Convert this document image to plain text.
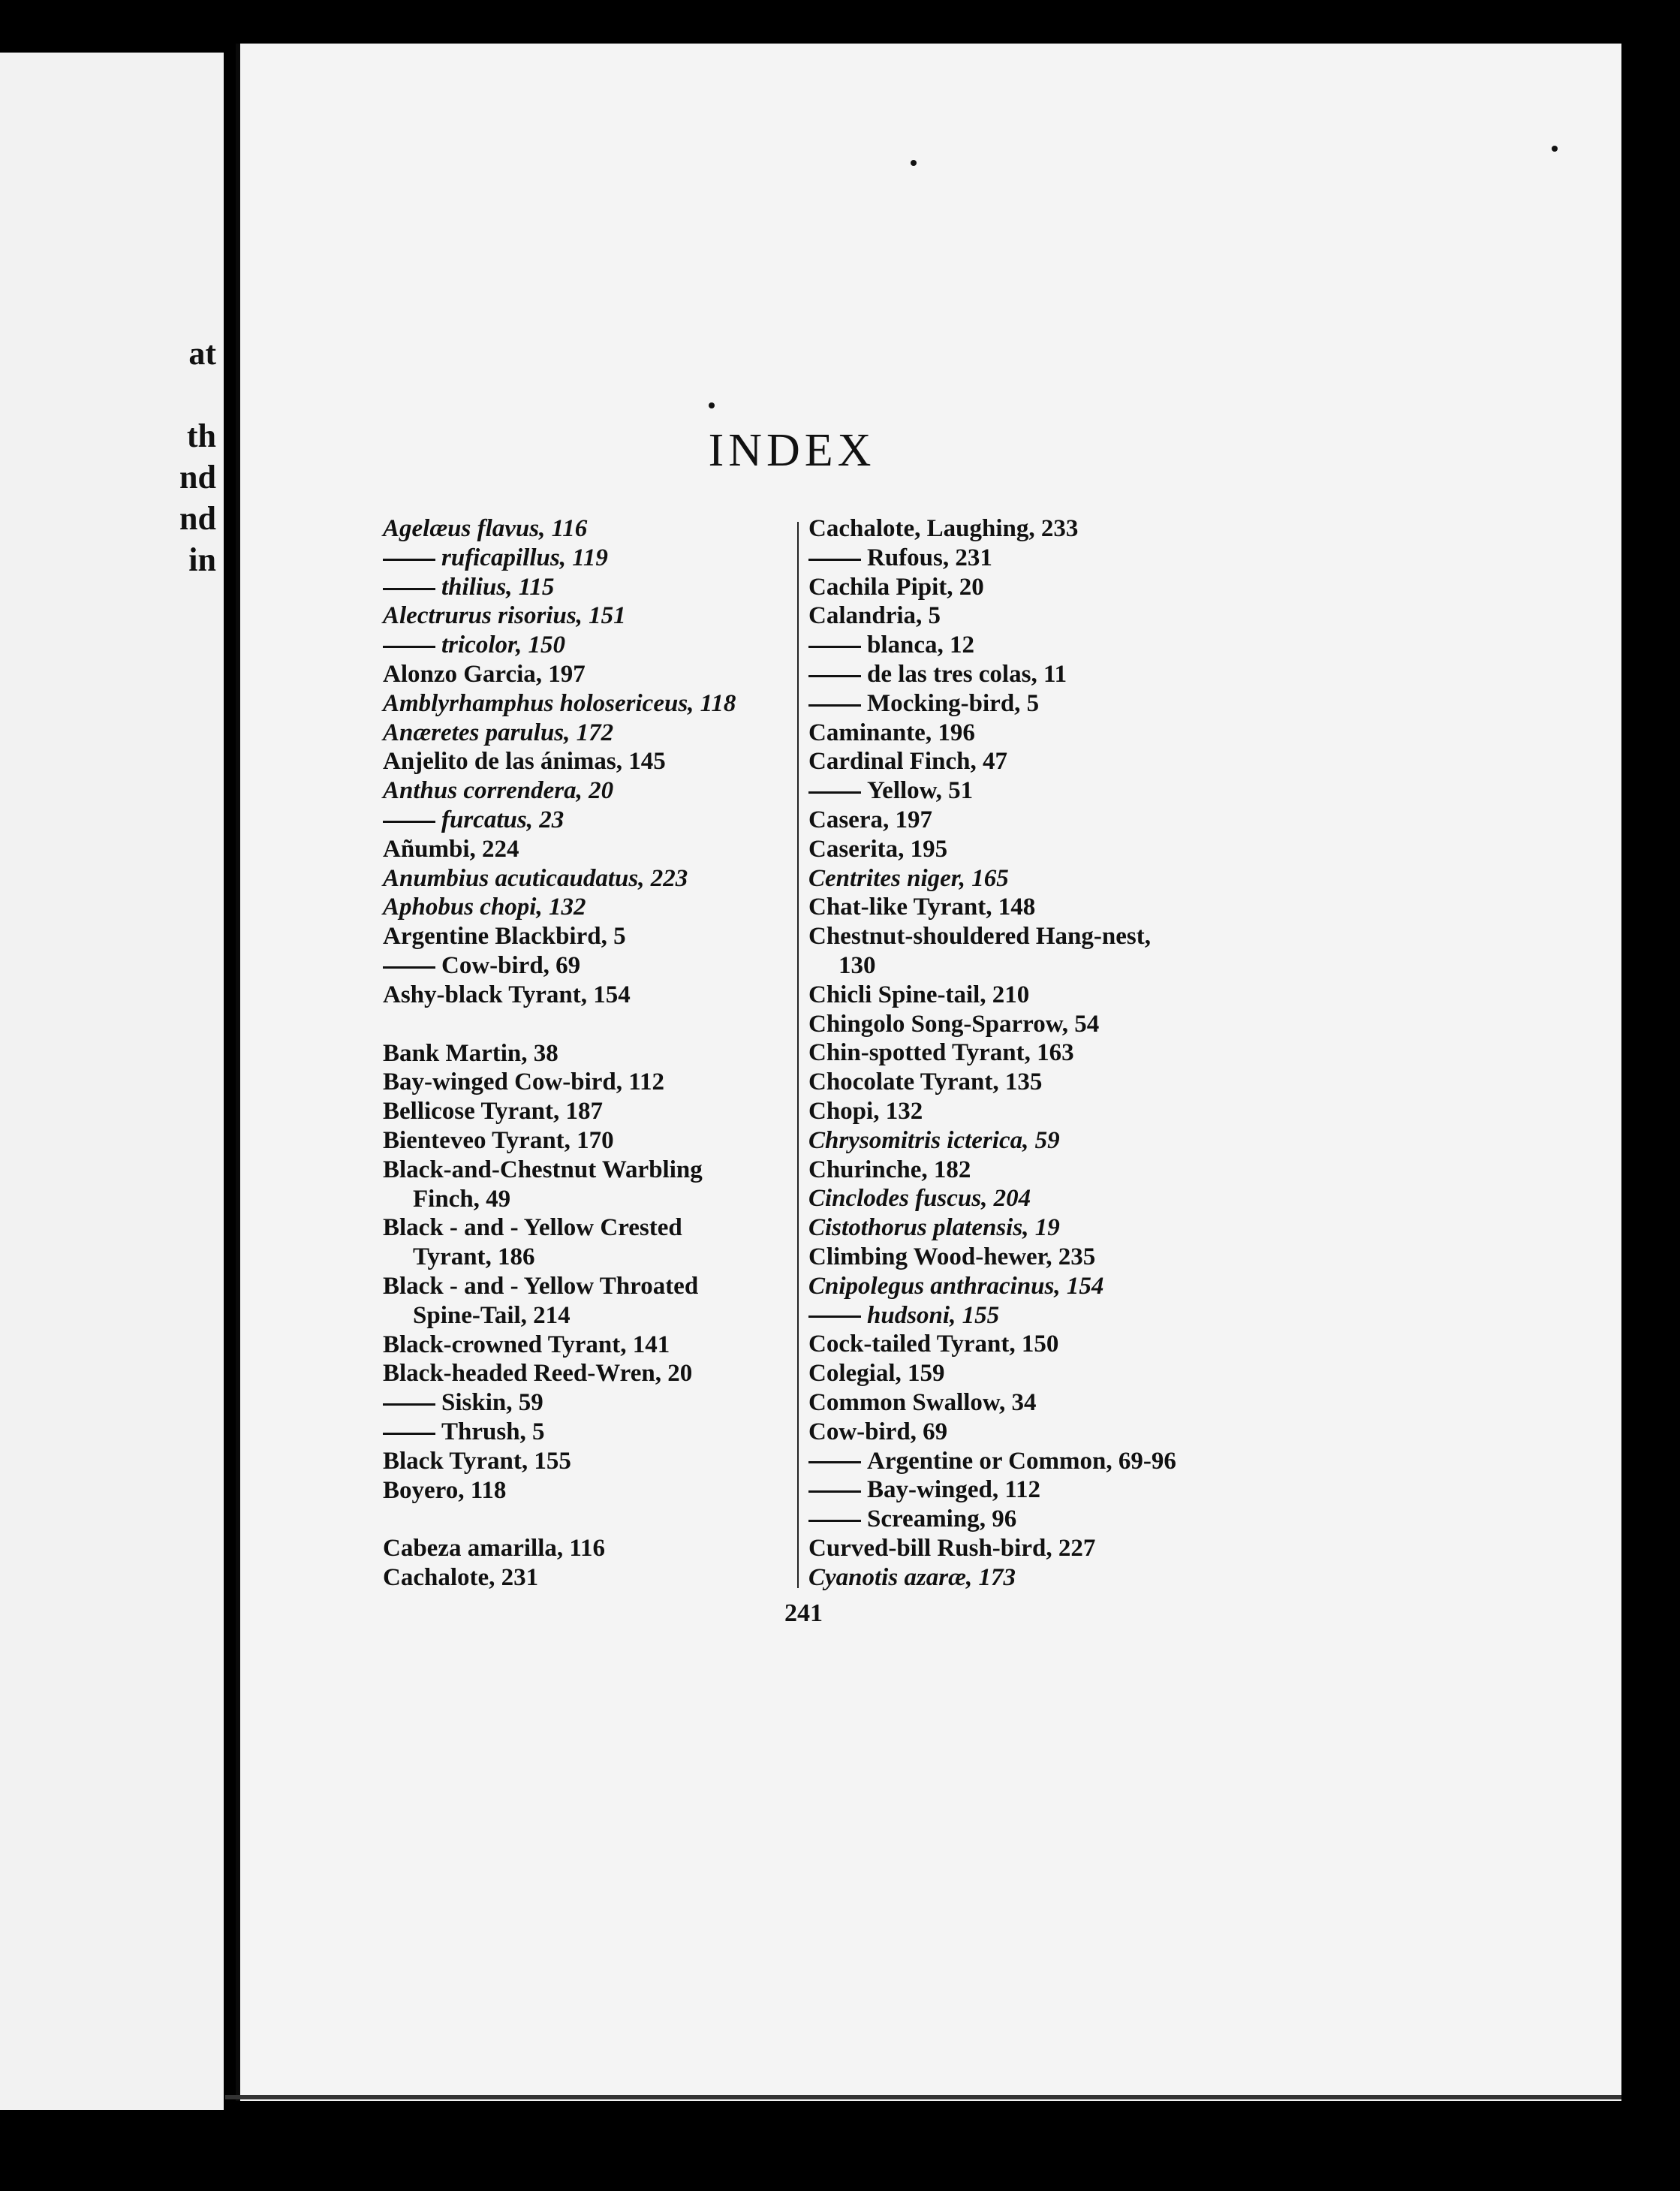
at
th
nd
nd
in
INDEX
Agelæus flavus, 116
ruficapillus, 119
thilius, 115
Alectrurus risorius, 151
tricolor, 150
Alonzo Garcia, 197
Amblyrhamphus holosericeus, 118
Anæretes parulus, 172
Anjelito de las ánimas, 145
Anthus correndera, 20
furcatus, 23
Añumbi, 224
Anumbius acuticaudatus, 223
Aphobus chopi, 132
Argentine Blackbird, 5
Cow-bird, 69
Ashy-black Tyrant, 154
Bank Martin, 38
Bay-winged Cow-bird, 112
Bellicose Tyrant, 187
Bienteveo Tyrant, 170
Black-and-Chestnut Warbling
Finch, 49
Black - and - Yellow Crested
Tyrant, 186
Black - and - Yellow Throated
Spine-Tail, 214
Black-crowned Tyrant, 141
Black-headed Reed-Wren, 20
Siskin, 59
Thrush, 5
Black Tyrant, 155
Boyero, 118
Cabeza amarilla, 116
Cachalote, 231
Cachalote, Laughing, 233
Rufous, 231
Cachila Pipit, 20
Calandria, 5
blanca, 12
de las tres colas, 11
Mocking-bird, 5
Caminante, 196
Cardinal Finch, 47
Yellow, 51
Casera, 197
Caserita, 195
Centrites niger, 165
Chat-like Tyrant, 148
Chestnut-shouldered Hang-nest,
130
Chicli Spine-tail, 210
Chingolo Song-Sparrow, 54
Chin-spotted Tyrant, 163
Chocolate Tyrant, 135
Chopi, 132
Chrysomitris icterica, 59
Churinche, 182
Cinclodes fuscus, 204
Cistothorus platensis, 19
Climbing Wood-hewer, 235
Cnipolegus anthracinus, 154
hudsoni, 155
Cock-tailed Tyrant, 150
Colegial, 159
Common Swallow, 34
Cow-bird, 69
Argentine or Common, 69-96
Bay-winged, 112
Screaming, 96
Curved-bill Rush-bird, 227
Cyanotis azaræ, 173
241
